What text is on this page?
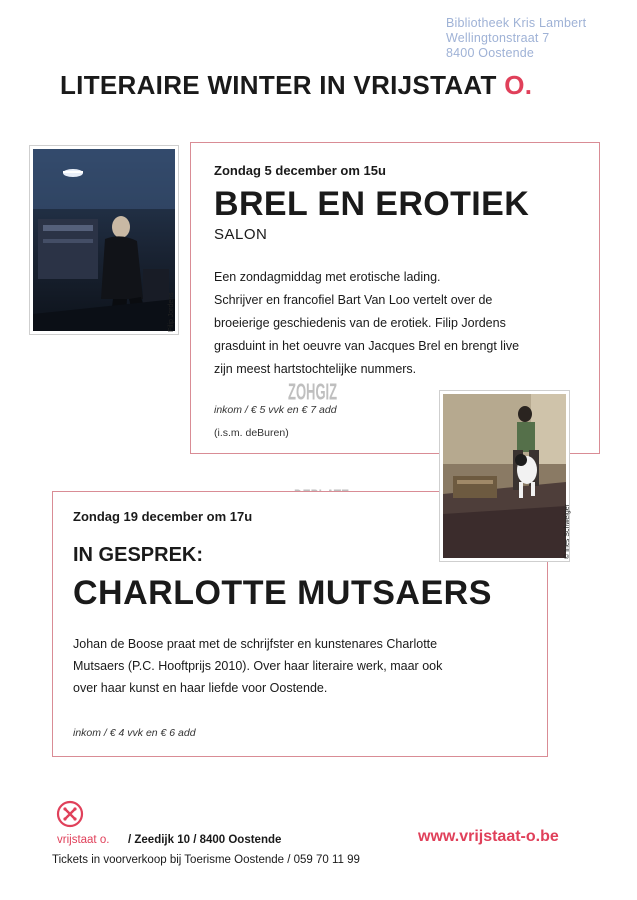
Bibliotheek Kris Lambert
Wellingtonstraat 7
8400 Oostende
LITERAIRE WINTER IN VRIJSTAAT O.
Filip Jordens
Zondag 5 december om 15u
BREL EN EROTIEK
SALON
Een zondagmiddag met erotische lading.
Schrijver en francofiel Bart Van Loo vertelt over de
broeierige geschiedenis van de erotiek. Filip Jordens
grasduint in het oeuvre van Jacques Brel en brengt live
zijn meest hartstochtelijke nummers.
inkom / € 5 vvk en € 7 add
(i.s.m. deBuren)
ZOHGIZ
© Ines Schweiger
Zondag 19 december om 17u
IN GESPREK:
CHARLOTTE MUTSAERS
Johan de Boose praat met de schrijfster en kunstenares Charlotte
Mutsaers (P.C. Hooftprijs 2010). Over haar literaire werk, maar ook
over haar kunst en haar liefde voor Oostende.
inkom / € 4 vvk en € 6 add
vrijstaat o. / Zeedijk 10 / 8400 Oostende	www.vrijstaat-o.be
Tickets in voorverkoop bij Toerisme Oostende / 059 70 11 99
